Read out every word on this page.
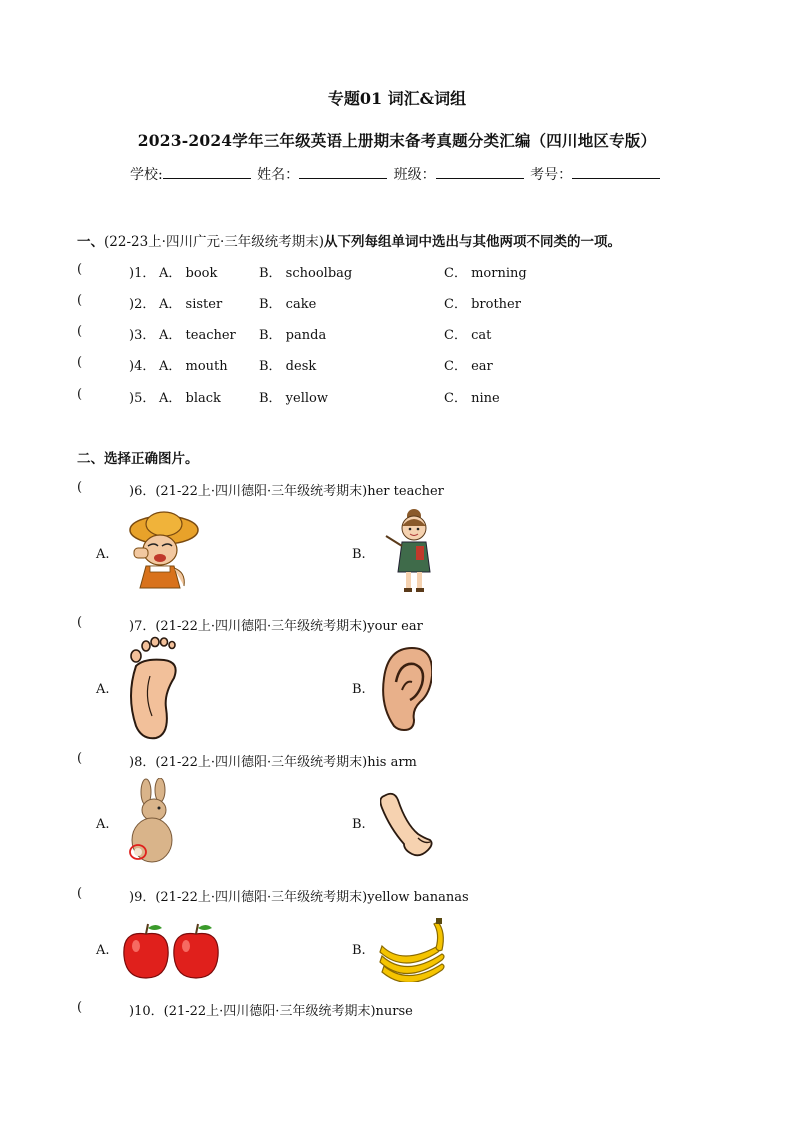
专题01 词汇&词组
2023-2024学年三年级英语上册期末备考真题分类汇编（四川地区专版）
学校:	姓名：	班级：	考号：
一、(22-23上·四川广元·三年级统考期末)从下列每组单词中选出与其他两项不同类的一项。
(	)1． A． book	B． schoolbag	C． morning
(	)2． A． sister	B． cake	C． brother
(	)3． A． teacher B． panda	C． cat
(	)4． A． mouth B． desk	C． ear
(	)5． A． black	B． yellow	C． nine
二、选择正确图片。
(	)6．(21-22上·四川德阳·三年级统考期末)her teacher
A.	B.
(	)7．(21-22上·四川德阳·三年级统考期末)your ear
A.	B.
(	)8．(21-22上·四川德阳·三年级统考期末)his arm
A.	B.
(	)9．(21-22上·四川德阳·三年级统考期末)yellow bananas
A.	B.
(	)10．(21-22上·四川德阳·三年级统考期末)nurse
